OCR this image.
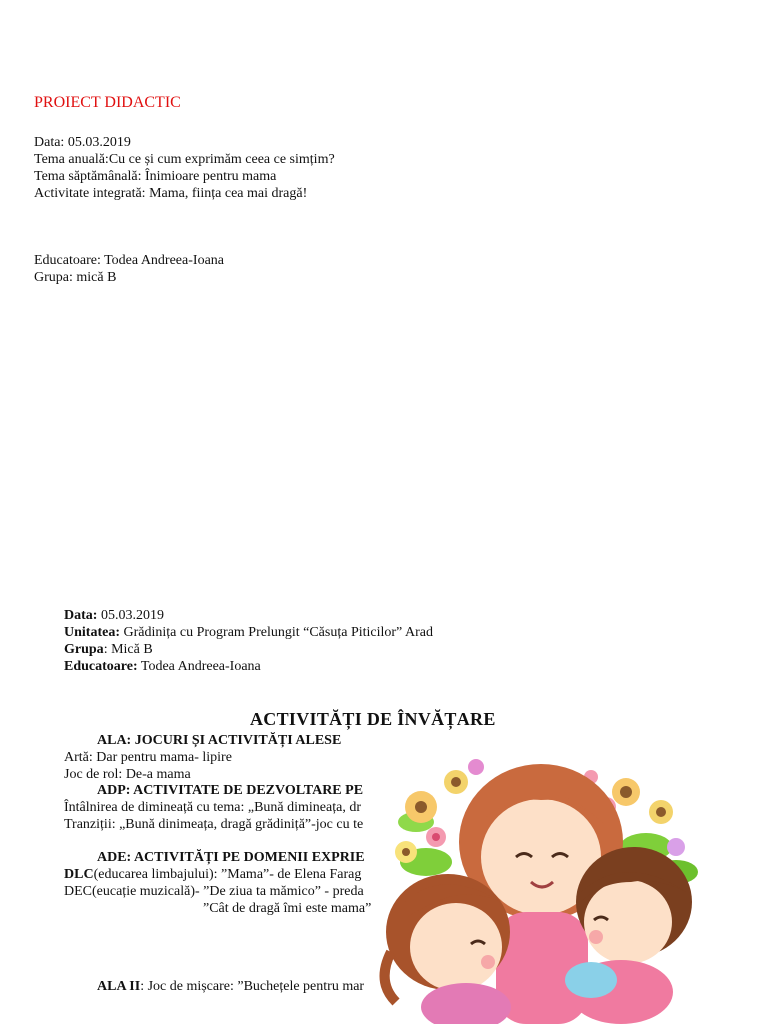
PROIECT DIDACTIC
Data: 05.03.2019
Tema anuală:Cu ce și cum exprimăm ceea ce simțim?
Tema săptămânală: Înimioare pentru mama
Activitate integrată: Mama, ființa cea mai dragă!
Educatoare: Todea Andreea-Ioana
Grupa: mică B
Data: 05.03.2019
Unitatea: Grădinița cu Program Prelungit “Căsuța Piticilor” Arad
Grupa: Mică B
Educatoare: Todea Andreea-Ioana
ACTIVITĂȚI DE ÎNVĂȚARE
ALA: JOCURI ȘI ACTIVITĂȚI ALESE
Artă: Dar pentru mama- lipire
Joc de rol: De-a mama
ADP: ACTIVITATE DE DEZVOLTARE PE
Întâlnirea de dimineață cu tema: „Bună dimineața, dr
Tranziții: „Bună dinimeața, dragă grădiniță”-joc cu te
ADE: ACTIVITĂȚI PE DOMENII EXPRIE
DLC(educarea limbajului): ”Mama”- de Elena Farag
DEC(eucație muzicală)- ”De ziua ta mămico” - preda
”Cât de dragă îmi este mama”
ALA II: Joc de mișcare: ”Buchețele pentru mar
